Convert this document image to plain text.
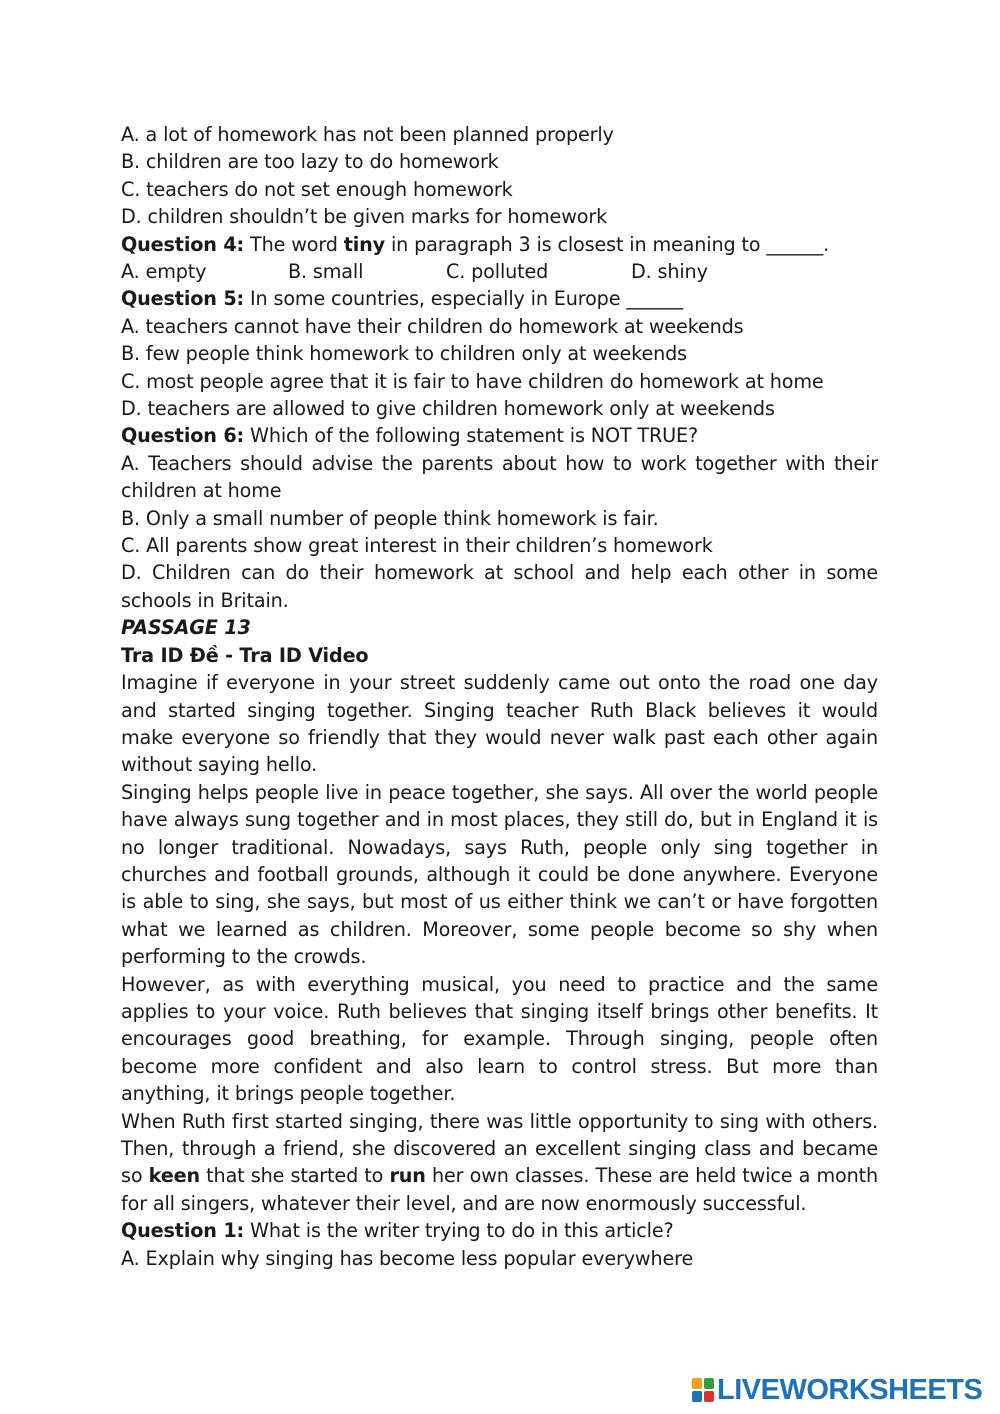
A. a lot of homework has not been planned properly
B. children are too lazy to do homework
C. teachers do not set enough homework
D. children shouldn’t be given marks for homework
Question 4: The word tiny in paragraph 3 is closest in meaning to ______.
A. empty	B. small	C. polluted	D. shiny
Question 5: In some countries, especially in Europe ______
A. teachers cannot have their children do homework at weekends
B. few people think homework to children only at weekends
C. most people agree that it is fair to have children do homework at home
D. teachers are allowed to give children homework only at weekends
Question 6: Which of the following statement is NOT TRUE?

A. Teachers should advise the parents about how to work together with their children at home

B. Only a small number of people think homework is fair.
C. All parents show great interest in their children’s homework

D. Children can do their homework at school and help each other in some schools in Britain.

PASSAGE 13
Tra ID Đề - Tra ID Video

Imagine if everyone in your street suddenly came out onto the road one day and started singing together. Singing teacher Ruth Black believes it would make everyone so friendly that they would never walk past each other again without saying hello.

Singing helps people live in peace together, she says. All over the world people have always sung together and in most places, they still do, but in England it is no longer traditional. Nowadays, says Ruth, people only sing together in churches and football grounds, although it could be done anywhere. Everyone is able to sing, she says, but most of us either think we can’t or have forgotten what we learned as children. Moreover, some people become so shy when performing to the crowds.

However, as with everything musical, you need to practice and the same applies to your voice. Ruth believes that singing itself brings other benefits. It encourages good breathing, for example. Through singing, people often become more confident and also learn to control stress. But more than anything, it brings people together.

When Ruth first started singing, there was little opportunity to sing with others. Then, through a friend, she discovered an excellent singing class and became so keen that she started to run her own classes. These are held twice a month for all singers, whatever their level, and are now enormously successful.

Question 1: What is the writer trying to do in this article?
A. Explain why singing has become less popular everywhere
LIVEWORKSHEETS
